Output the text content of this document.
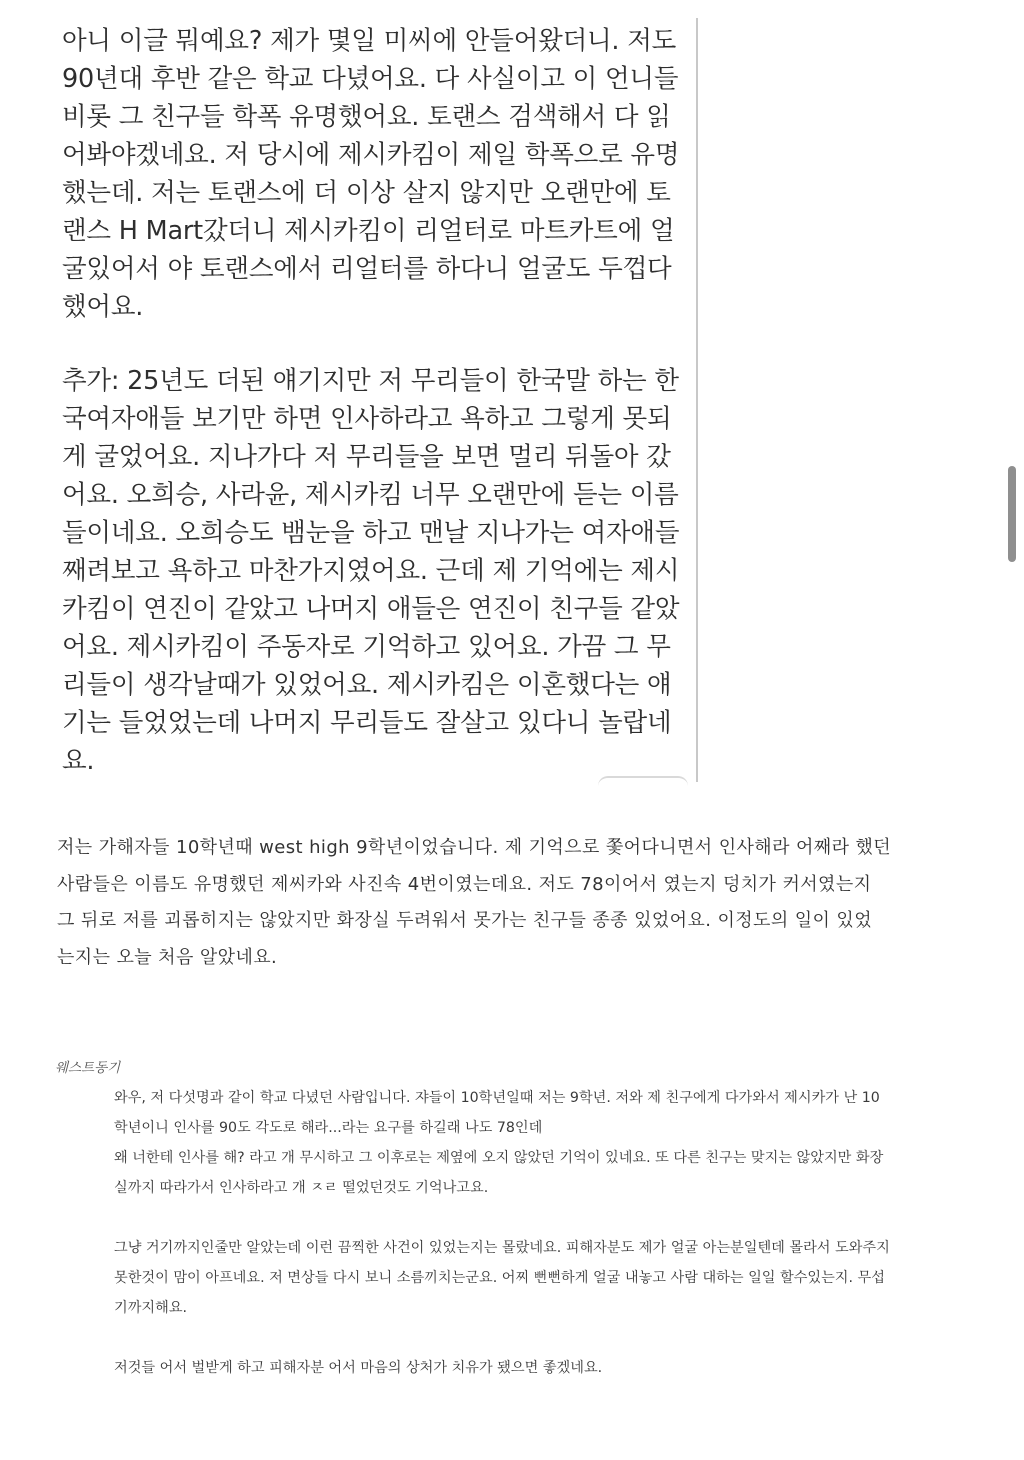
아니 이글 뭐예요? 제가 몇일 미씨에 안들어왔더니. 저도
90년대 후반 같은 학교 다녔어요. 다 사실이고 이 언니들
비롯 그 친구들 학폭 유명했어요. 토랜스 검색해서 다 읽
어봐야겠네요. 저 당시에 제시카킴이 제일 학폭으로 유명
했는데. 저는 토랜스에 더 이상 살지 않지만 오랜만에 토
랜스 H Mart갔더니 제시카킴이 리얼터로 마트카트에 얼
굴있어서 야 토랜스에서 리얼터를 하다니 얼굴도 두껍다
했어요.

추가: 25년도 더된 얘기지만 저 무리들이 한국말 하는 한
국여자애들 보기만 하면 인사하라고 욕하고 그렇게 못되
게 굴었어요. 지나가다 저 무리들을 보면 멀리 뒤돌아 갔
어요. 오희승, 사라윤, 제시카킴 너무 오랜만에 듣는 이름
들이네요. 오희승도 뱀눈을 하고 맨날 지나가는 여자애들
째려보고 욕하고 마찬가지였어요. 근데 제 기억에는 제시
카킴이 연진이 같았고 나머지 애들은 연진이 친구들 같았
어요. 제시카킴이 주동자로 기억하고 있어요. 가끔 그 무
리들이 생각날때가 있었어요. 제시카킴은 이혼했다는 얘
기는 들었었는데 나머지 무리들도 잘살고 있다니 놀랍네
요.

저는 가해자들 10학년때 west high 9학년이었습니다. 제 기억으로 쫓어다니면서 인사해라 어째라 했던
사람들은 이름도 유명했던 제씨카와 사진속 4번이였는데요. 저도 78이어서 였는지 덩치가 커서였는지
그 뒤로 저를 괴롭히지는 않았지만 화장실 두려워서 못가는 친구들 종종 있었어요. 이정도의 일이 있었
는지는 오늘 처음 알았네요.

웨스트동기
와우, 저 다섯명과 같이 학교 다녔던 사람입니다. 쟈들이 10학년일때 저는 9학년. 저와 제 친구에게 다가와서 제시카가 난 10
학년이니 인사를 90도 각도로 해라...라는 요구를 하길래 나도 78인데
왜 너한테 인사를 해? 라고 개 무시하고 그 이후로는 제옆에 오지 않았던 기억이 있네요. 또 다른 친구는 맞지는 않았지만 화장
실까지 따라가서 인사하라고 개 ㅈㄹ 떨었던것도 기억나고요.
그냥 거기까지인줄만 알았는데 이런 끔찍한 사건이 있었는지는 몰랐네요. 피해자분도 제가 얼굴 아는분일텐데 몰라서 도와주지
못한것이 맘이 아프네요. 저 면상들 다시 보니 소름끼치는군요. 어찌 뻔뻔하게 얼굴 내놓고 사람 대하는 일일 할수있는지. 무섭
기까지해요.
저것들 어서 벌받게 하고 피해자분 어서 마음의 상처가 치유가 됐으면 좋겠네요.
